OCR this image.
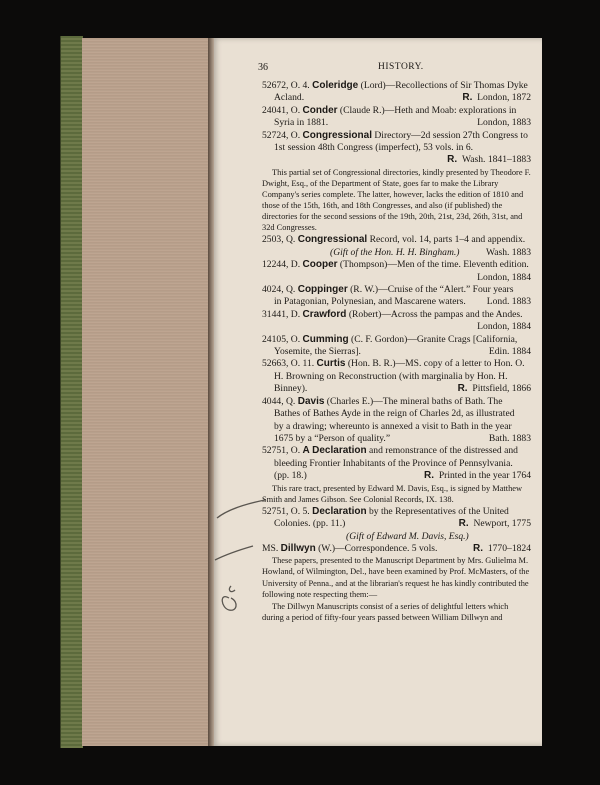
36	HISTORY.

52672, O. 4. Coleridge (Lord)—Recollections of Sir Thomas Dyke
Acland.	R. London, 1872

24041, O. Conder (Claude R.)—Heth and Moab: explorations in
Syria in 1881.	London, 1883

52724, O. Congressional Directory—2d session 27th Congress to
1st session 48th Congress (imperfect), 53 vols. in 6.
R. Wash. 1841–1883

This partial set of Congressional directories, kindly presented by Theodore F. Dwight, Esq., of the Department of State, goes far to make the Library Company's series complete. The latter, however, lacks the edition of 1810 and those of the 15th, 16th, and 18th Congresses, and also (if published) the directories for the second sessions of the 19th, 20th, 21st, 23d, 26th, 31st, and 32d Congresses.

2503, Q. Congressional Record, vol. 14, parts 1–4 and appendix.
(Gift of the Hon. H. H. Bingham.)	Wash. 1883

12244, D. Cooper (Thompson)—Men of the time. Eleventh edition.
London, 1884

4024, Q. Coppinger (R. W.)—Cruise of the “Alert.” Four years
in Patagonian, Polynesian, and Mascarene waters. Lond. 1883

31441, D. Crawford (Robert)—Across the pampas and the Andes.
London, 1884

24105, O. Cumming (C. F. Gordon)—Granite Crags [California,
Yosemite, the Sierras].	Edin. 1884

52663, O. 11. Curtis (Hon. B. R.)—MS. copy of a letter to Hon. O.
H. Browning on Reconstruction (with marginalia by Hon. H.
Binney).	R. Pittsfield, 1866

4044, Q. Davis (Charles E.)—The mineral baths of Bath. The
Bathes of Bathes Ayde in the reign of Charles 2d, as illustrated
by a drawing; whereunto is annexed a visit to Bath in the year
1675 by a “Person of quality.”	Bath. 1883

52751, O. A Declaration and remonstrance of the distressed and
bleeding Frontier Inhabitants of the Province of Pennsylvania.
(pp. 18.)	R. Printed in the year 1764

This rare tract, presented by Edward M. Davis, Esq., is signed by Matthew Smith and James Gibson. See Colonial Records, IX. 138.

52751, O. 5. Declaration by the Representatives of the United
Colonies. (pp. 11.)	R. Newport, 1775
(Gift of Edward M. Davis, Esq.)

MS. Dillwyn (W.)—Correspondence. 5 vols.	R. 1770–1824

These papers, presented to the Manuscript Department by Mrs. Gulielma M. Howland, of Wilmington, Del., have been examined by Prof. McMasters, of the University of Penna., and at the librarian's request he has kindly contributed the following note respecting them:—

The Dillwyn Manuscripts consist of a series of delightful letters which during a period of fifty-four years passed between William Dillwyn and
